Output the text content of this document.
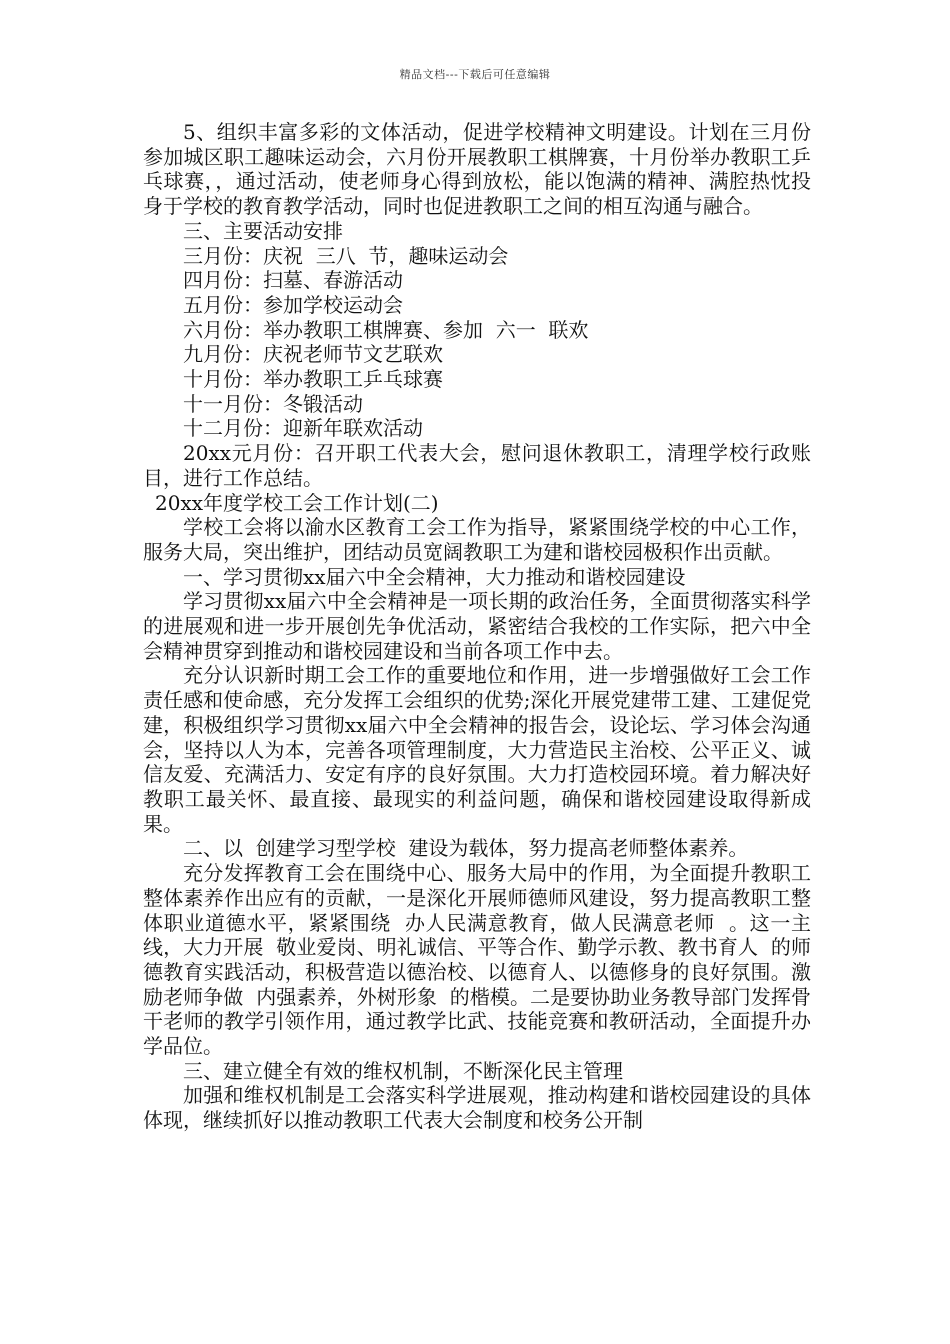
精品文档---下载后可任意编辑

5、组织丰富多彩的文体活动，促进学校精神文明建设。计划在三月份参加城区职工趣味运动会，六月份开展教职工棋牌赛，十月份举办教职工乒乓球赛，，通过活动，使老师身心得到放松，能以饱满的精神、满腔热忱投身于学校的教育教学活动，同时也促进教职工之间的相互沟通与融合。

三、主要活动安排

三月份：庆祝  三八  节，趣味运动会

四月份：扫墓、春游活动

五月份：参加学校运动会

六月份：举办教职工棋牌赛、参加  六一  联欢

九月份：庆祝老师节文艺联欢

十月份：举办教职工乒乓球赛

十一月份：冬锻活动

十二月份：迎新年联欢活动

20xx元月份：召开职工代表大会，慰问退休教职工，清理学校行政账目，进行工作总结。

20xx年度学校工会工作计划(二)

学校工会将以渝水区教育工会工作为指导，紧紧围绕学校的中心工作，服务大局，突出维护，团结动员宽阔教职工为建和谐校园极积作出贡献。

一、学习贯彻xx届六中全会精神，大力推动和谐校园建设

学习贯彻xx届六中全会精神是一项长期的政治任务，全面贯彻落实科学的进展观和进一步开展创先争优活动，紧密结合我校的工作实际，把六中全会精神贯穿到推动和谐校园建设和当前各项工作中去。

充分认识新时期工会工作的重要地位和作用，进一步增强做好工会工作责任感和使命感，充分发挥工会组织的优势;深化开展党建带工建、工建促党建，积极组织学习贯彻xx届六中全会精神的报告会，设论坛、学习体会沟通会，坚持以人为本，完善各项管理制度，大力营造民主治校、公平正义、诚信友爱、充满活力、安定有序的良好氛围。大力打造校园环境。着力解决好教职工最关怀、最直接、最现实的利益问题，确保和谐校园建设取得新成果。

二、以  创建学习型学校  建设为载体，努力提高老师整体素养。

充分发挥教育工会在围绕中心、服务大局中的作用，为全面提升教职工整体素养作出应有的贡献，一是深化开展师德师风建设，努力提高教职工整体职业道德水平，紧紧围绕  办人民满意教育，做人民满意老师  。这一主线，大力开展  敬业爱岗、明礼诚信、平等合作、勤学示教、教书育人  的师德教育实践活动，积极营造以德治校、以德育人、以德修身的良好氛围。激励老师争做  内强素养，外树形象  的楷模。二是要协助业务教导部门发挥骨干老师的教学引领作用，通过教学比武、技能竞赛和教研活动，全面提升办学品位。

三、建立健全有效的维权机制，不断深化民主管理

加强和维权机制是工会落实科学进展观，推动构建和谐校园建设的具体体现，继续抓好以推动教职工代表大会制度和校务公开制
